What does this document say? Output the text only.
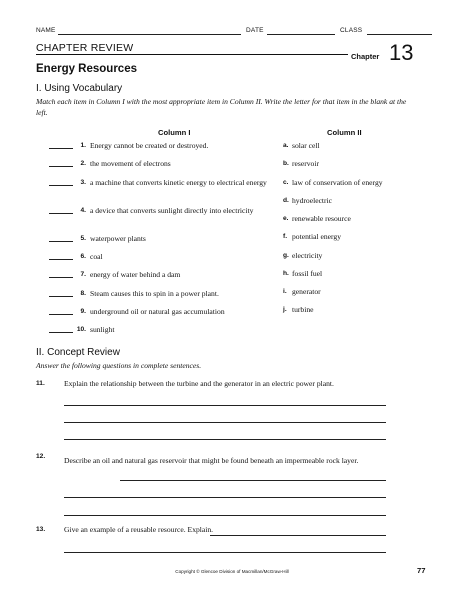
NAME	DATE	CLASS
CHAPTER REVIEW
Chapter 13
Energy Resources
I. Using Vocabulary
Match each item in Column I with the most appropriate item in Column II. Write the letter for that item in the blank at the left.
Column I	Column II
1. Energy cannot be created or destroyed.
2. the movement of electrons
3. a machine that converts kinetic energy to electrical energy
4. a device that converts sunlight directly into electricity
5. waterpower plants
6. coal
7. energy of water behind a dam
8. Steam causes this to spin in a power plant.
9. underground oil or natural gas accumulation
10. sunlight
a. solar cell
b. reservoir
c. law of conservation of energy
d. hydroelectric
e. renewable resource
f. potential energy
g. electricity
h. fossil fuel
i. generator
j. turbine
II. Concept Review
Answer the following questions in complete sentences.
11.	Explain the relationship between the turbine and the generator in an electric power plant.
12. Describe an oil and natural gas reservoir that might be found beneath an impermeable rock layer.
13. Give an example of a reusable resource. Explain.
Copyright © Glencoe Division of Macmillan/McGraw-Hill	77
